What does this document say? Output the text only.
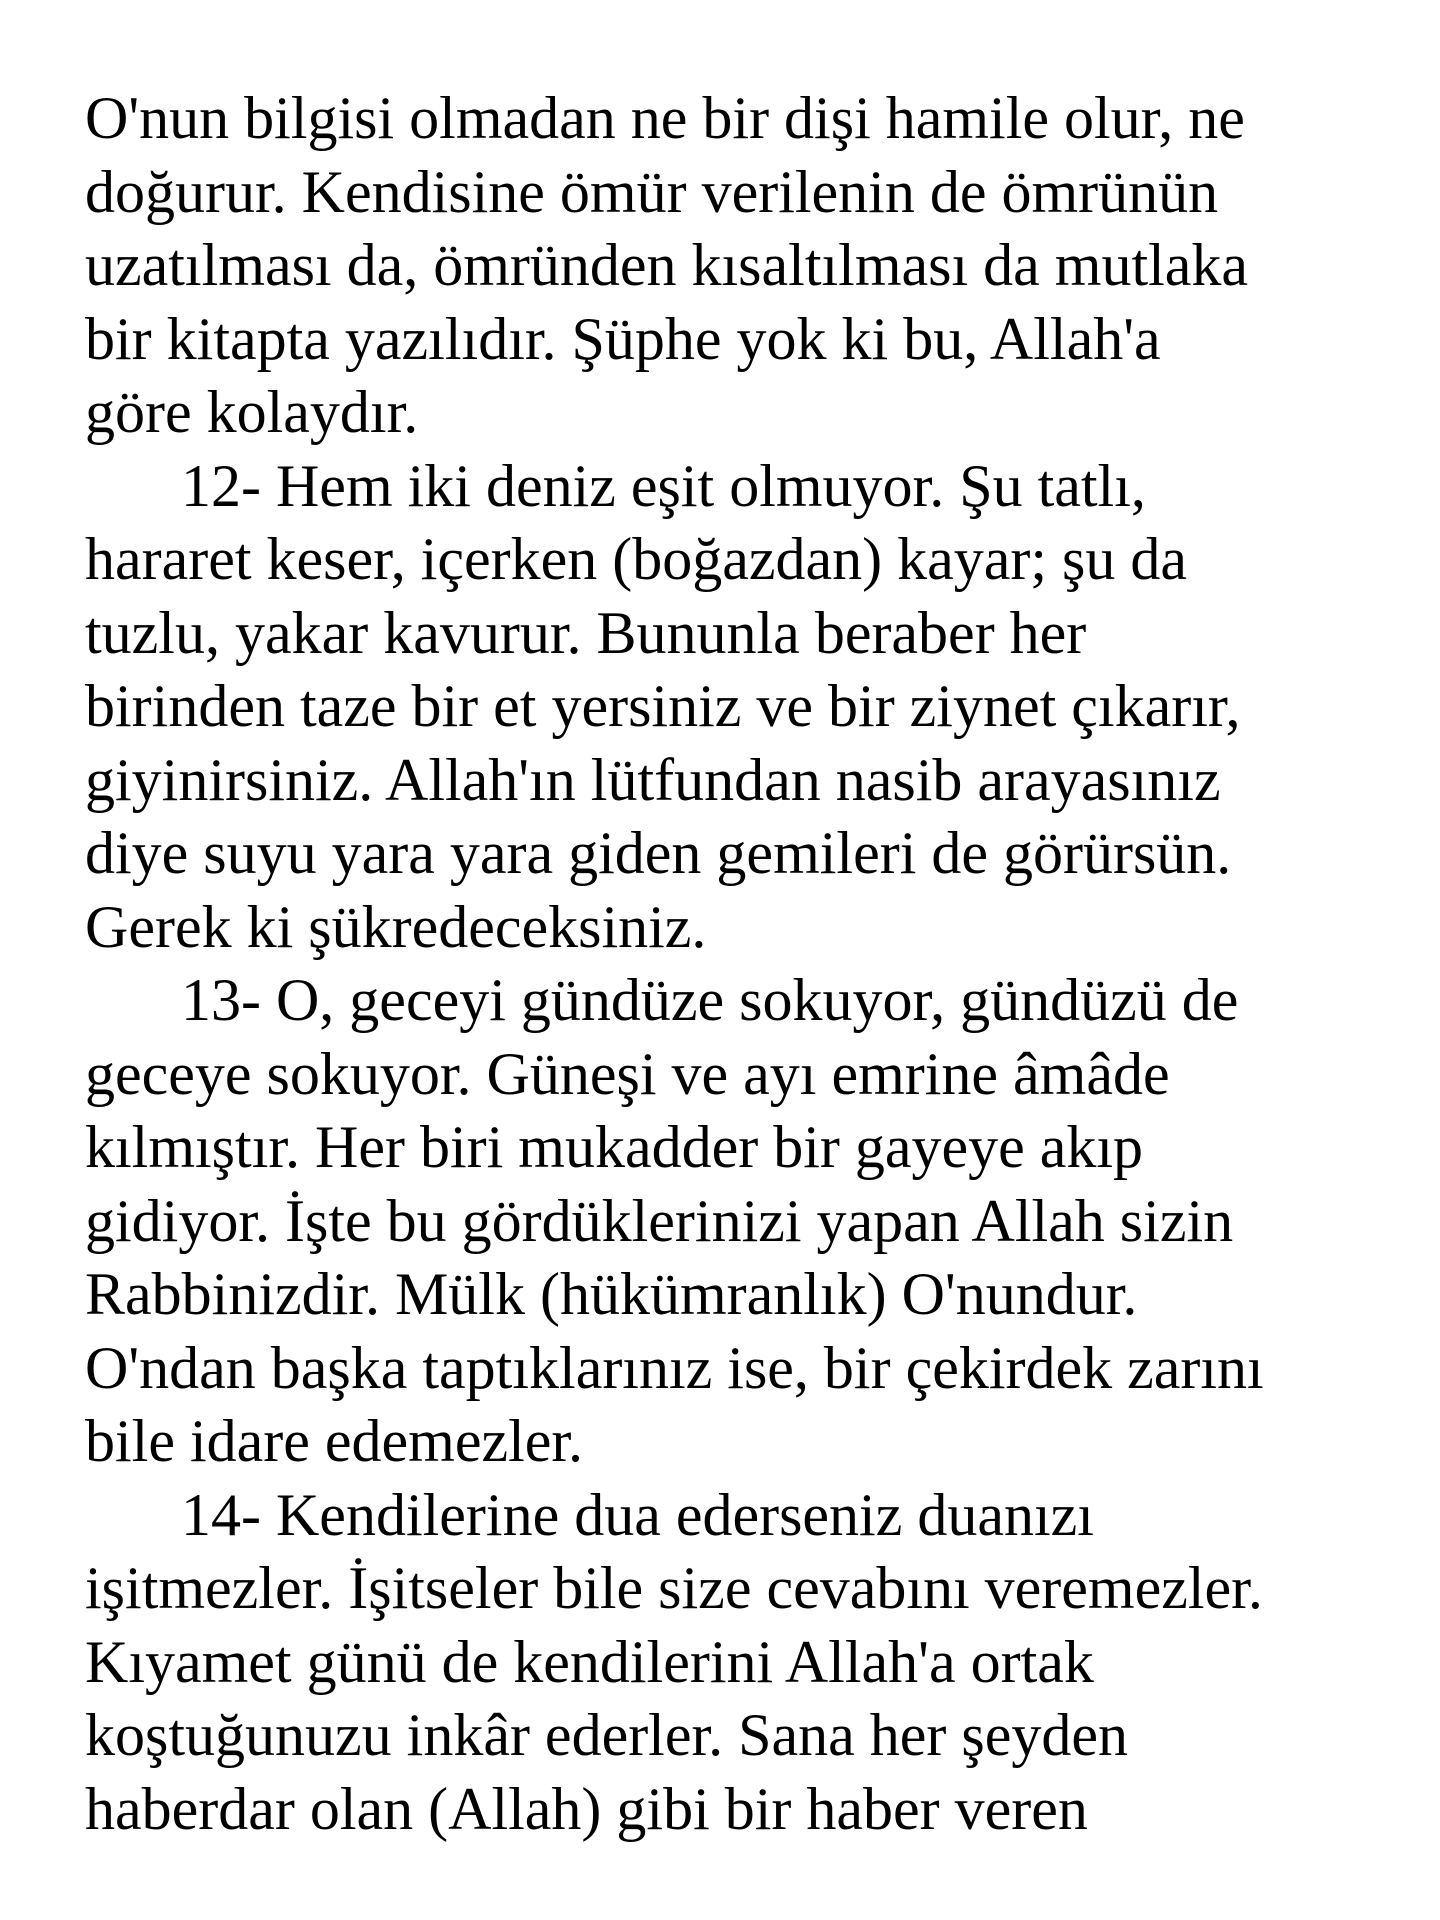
O'nun bilgisi olmadan ne bir dişi hamile olur, ne
doğurur. Kendisine ömür verilenin de ömrünün
uzatılması da, ömründen kısaltılması da mutlaka
bir kitapta yazılıdır. Şüphe yok ki bu, Allah'a
göre kolaydır.
12- Hem iki deniz eşit olmuyor. Şu tatlı,
hararet keser, içerken (boğazdan) kayar; şu da
tuzlu, yakar kavurur. Bununla beraber her
birinden taze bir et yersiniz ve bir ziynet çıkarır,
giyinirsiniz. Allah'ın lütfundan nasib arayasınız
diye suyu yara yara giden gemileri de görürsün.
Gerek ki şükredeceksiniz.
13- O, geceyi gündüze sokuyor, gündüzü de
geceye sokuyor. Güneşi ve ayı emrine âmâde
kılmıştır. Her biri mukadder bir gayeye akıp
gidiyor. İşte bu gördüklerinizi yapan Allah sizin
Rabbinizdir. Mülk (hükümranlık) O'nundur.
O'ndan başka taptıklarınız ise, bir çekirdek zarını
bile idare edemezler.
14- Kendilerine dua ederseniz duanızı
işitmezler. İşitseler bile size cevabını veremezler.
Kıyamet günü de kendilerini Allah'a ortak
koştuğunuzu inkâr ederler. Sana her şeyden
haberdar olan (Allah) gibi bir haber veren
